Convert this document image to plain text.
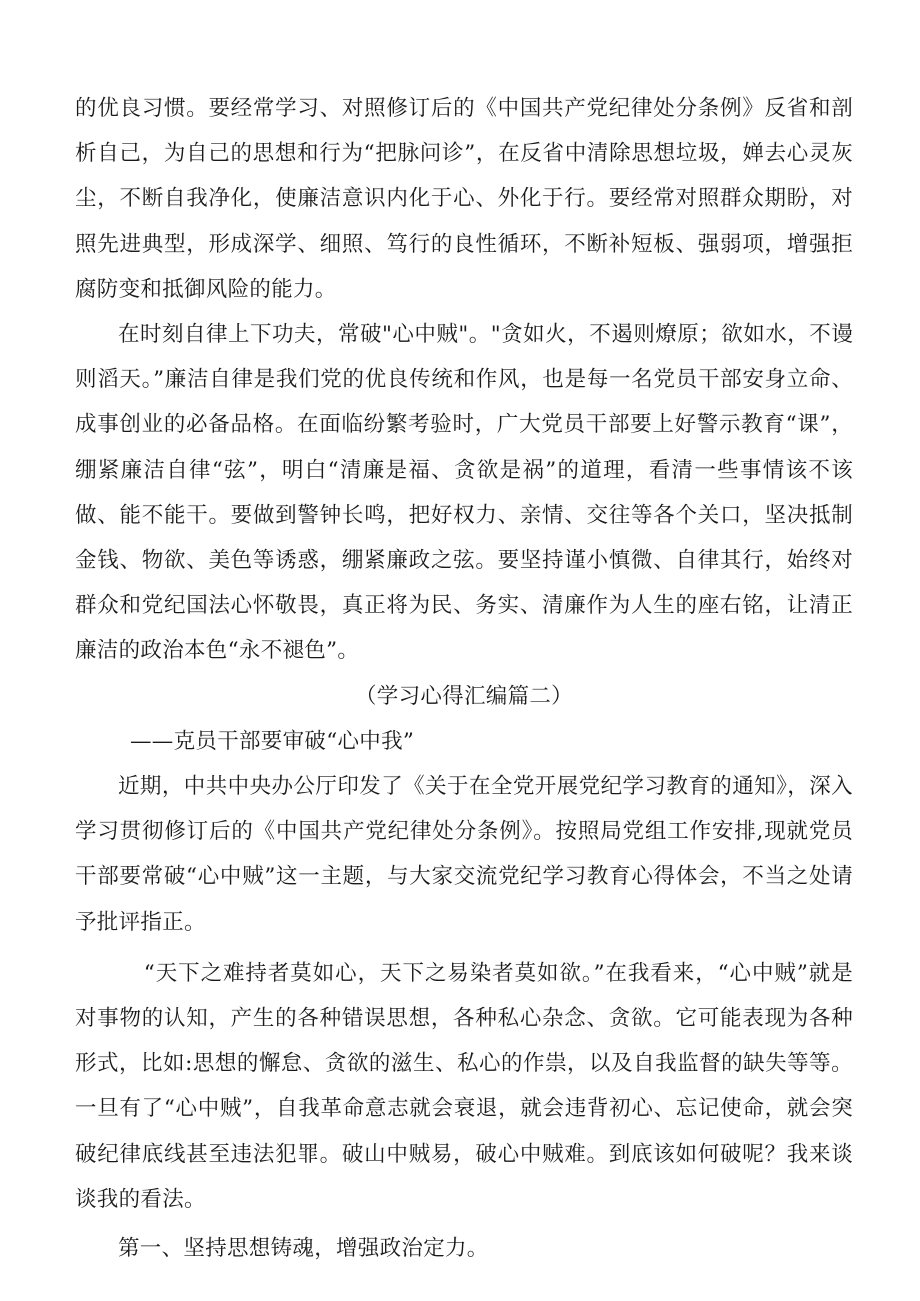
的优良习惯。要经常学习、对照修订后的《中国共产党纪律处分条例》反省和剖析自己，为自己的思想和行为“把脉问诊”，在反省中清除思想垃圾，婵去心灵灰尘，不断自我净化，使廉洁意识内化于心、外化于行。要经常对照群众期盼，对照先进典型，形成深学、细照、笃行的良性循环，不断补短板、强弱项，增强拒腐防变和抵御风险的能力。

在时刻自律上下功夫，常破"心中贼"。"贪如火，不遏则燎原；欲如水，不谩则滔天。”廉洁自律是我们党的优良传统和作风，也是每一名党员干部安身立命、成事创业的必备品格。在面临纷繁考验时，广大党员干部要上好警示教育“课”，绷紧廉洁自律“弦”，明白“清廉是福、贪欲是祸”的道理，看清一些事情该不该做、能不能干。要做到警钟长鸣，把好权力、亲情、交往等各个关口，坚决抵制金钱、物欲、美色等诱惑，绷紧廉政之弦。要坚持谨小慎微、自律其行，始终对群众和党纪国法心怀敬畏，真正将为民、务实、清廉作为人生的座右铭，让清正廉洁的政治本色“永不褪色”。

（学习心得汇编篇二）

——克员干部要审破“心中我”

近期，中共中央办公厅印发了《关于在全党开展党纪学习教育的通知》，深入学习贯彻修订后的《中国共产党纪律处分条例》。按照局党组工作安排,现就党员干部要常破“心中贼”这一主题，与大家交流党纪学习教育心得体会，不当之处请予批评指正。

“天下之难持者莫如心，天下之易染者莫如欲。”在我看来，“心中贼”就是对事物的认知，产生的各种错误思想，各种私心杂念、贪欲。它可能表现为各种形式，比如:思想的懈怠、贪欲的滋生、私心的作祟，以及自我监督的缺失等等。一旦有了“心中贼”，自我革命意志就会衰退，就会违背初心、忘记使命，就会突破纪律底线甚至违法犯罪。破山中贼易，破心中贼难。到底该如何破呢？我来谈谈我的看法。

第一、坚持思想铸魂，增强政治定力。
